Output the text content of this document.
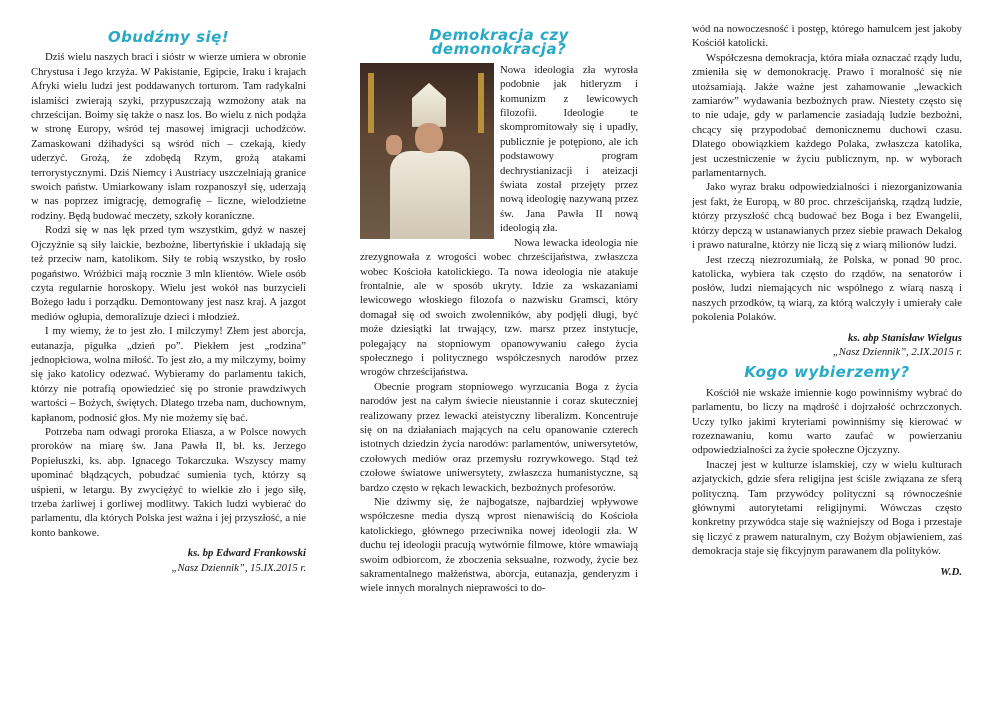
Obudźmy się!

Dziś wielu naszych braci i sióstr w wierze umiera w obronie Chrystusa i Jego krzyża. W Pakistanie, Egipcie, Iraku i krajach Afryki wielu ludzi jest poddawanych torturom. Tam radykalni islamiści zwierają szyki, przypuszczają wzmożony atak na chrześcijan. Boimy się także o nasz los. Bo wielu z nich podąża w stronę Europy, wśród tej masowej imigracji uchodźców. Zamaskowani dżihadyści są wśród nich – czekają, kiedy uderzyć. Grożą, że zdobędą Rzym, grożą atakami terrorystycznymi. Dziś Niemcy i Austriacy uszczelniają granice swoich państw. Umiarkowany islam rozpanoszył się, uderzają w nas poprzez imigrację, demografię – liczne, wielodzietne rodziny. Będą budować meczety, szkoły koraniczne.

Rodzi się w nas lęk przed tym wszystkim, gdyż w naszej Ojczyźnie są siły laickie, bezbożne, libertyńskie i układają się też przeciw nam, katolikom. Siły te robią wszystko, by rosło pogaństwo. Wróżbici mają rocznie 3 mln klientów. Wiele osób czyta regularnie horoskopy. Wielu jest wokół nas burzycieli Bożego ładu i porządku. Demontowany jest nasz kraj. A jazgot mediów ogłupia, demoralizuje dzieci i młodzież.

I my wiemy, że to jest zło. I milczymy! Złem jest aborcja, eutanazja, pigułka „dzień po”. Piekłem jest „rodzina” jednopłciowa, wolna miłość. To jest zło, a my milczymy, boimy się jako katolicy odezwać. Wybieramy do parlamentu takich, którzy nie potrafią opowiedzieć się po stronie prawdziwych wartości – Bożych, świętych. Dlatego trzeba nam, duchownym, kapłanom, podnosić głos. My nie możemy się bać.

Potrzeba nam odwagi proroka Eliasza, a w Polsce nowych proroków na miarę św. Jana Pawła II, bł. ks. Jerzego Popiełuszki, ks. abp. Ignacego Tokarczuka. Wszyscy mamy upominać błądzących, pobudzać sumienia tych, którzy są uśpieni, w letargu. By zwyciężyć to wielkie zło i jego siłę, trzeba żarliwej i gorliwej modlitwy. Takich ludzi wybierać do parlamentu, dla których Polska jest ważna i jej przyszłość, a nie konto bankowe.

ks. bp Edward Frankowski
„Nasz Dziennik”, 15.IX.2015 r.
Demokracja czy demonokracja?

Nowa ideologia zła wyrosła podobnie jak hitleryzm i komunizm z lewicowych filozofii. Ideologie te skompromitowały się i upadły, publicznie je potępiono, ale ich podstawowy program dechrystianizacji i ateizacji świata został przejęty przez nową ideologię nazywaną przez św. Jana Pawła II nową ideologią zła.

Nowa lewacka ideologia nie zrezygnowała z wrogości wobec chrześcijaństwa, zwłaszcza wobec Kościoła katolickiego. Ta nowa ideologia nie atakuje frontalnie, ale w sposób ukryty. Idzie za wskazaniami lewicowego włoskiego filozofa o nazwisku Gramsci, który domagał się od swoich zwolenników, aby podjęli długi, być może dziesiątki lat trwający, tzw. marsz przez instytucje, polegający na stopniowym opanowywaniu całego życia społecznego i politycznego współczesnych narodów przez wrogów chrześcijaństwa.

Obecnie program stopniowego wyrzucania Boga z życia narodów jest na całym świecie nieustannie i coraz skuteczniej realizowany przez lewacki ateistyczny liberalizm. Koncentruje się on na działaniach mających na celu opanowanie czterech istotnych dziedzin życia narodów: parlamentów, uniwersytetów, czołowych mediów oraz przemysłu rozrywkowego. Stąd też czołowe światowe uniwersytety, zwłaszcza humanistyczne, są bardzo często w rękach lewackich, bezbożnych profesorów.

Nie dziwmy się, że najbogatsze, najbardziej wpływowe współczesne media dyszą wprost nienawiścią do Kościoła katolickiego, głównego przeciwnika nowej ideologii zła. W duchu tej ideologii pracują wytwórnie filmowe, które wmawiają swoim odbiorcom, że zboczenia seksualne, rozwody, życie bez sakramentalnego małżeństwa, aborcja, eutanazja, genderyzm i wiele innych moralnych nieprawości to do-

wód na nowoczesność i postęp, którego hamulcem jest jakoby Kościół katolicki.

Współczesna demokracja, która miała oznaczać rządy ludu, zmieniła się w demonokrację. Prawo i moralność się nie utożsamiają. Jakże ważne jest zahamowanie „lewackich zamiarów” wydawania bezbożnych praw. Niestety często się to nie udaje, gdy w parlamencie zasiadają ludzie bezbożni, chcący się przypodobać demonicznemu duchowi czasu. Dlatego obowiązkiem każdego Polaka, zwłaszcza katolika, jest uczestniczenie w życiu publicznym, np. w wyborach parlamentarnych.

Jako wyraz braku odpowiedzialności i niezorganizowania jest fakt, że Europą, w 80 proc. chrześcijańską, rządzą ludzie, którzy przyszłość chcą budować bez Boga i bez Ewangelii, którzy depczą w ustanawianych przez siebie prawach Dekalog i prawo naturalne, którzy nie liczą się z wiarą milionów ludzi.

Jest rzeczą niezrozumiałą, że Polska, w ponad 90 proc. katolicka, wybiera tak często do rządów, na senatorów i posłów, ludzi niemających nic wspólnego z wiarą naszą i naszych przodków, tą wiarą, za którą walczyły i umierały całe pokolenia Polaków.

ks. abp Stanisław Wielgus
„Nasz Dziennik”, 2.IX.2015 r.
Kogo wybierzemy?

Kościół nie wskaże imiennie kogo powinniśmy wybrać do parlamentu, bo liczy na mądrość i dojrzałość ochrzczonych. Uczy tylko jakimi kryteriami powinniśmy się kierować w rozeznawaniu, komu warto zaufać w powierzaniu odpowiedzialności za życie społeczne Ojczyzny.

Inaczej jest w kulturze islamskiej, czy w wielu kulturach azjatyckich, gdzie sfera religijna jest ściśle związana ze sferą polityczną. Tam przywódcy polityczni są równocześnie głównymi autorytetami religijnymi. Wówczas często konkretny przywódca staje się ważniejszy od Boga i przestaje się liczyć z prawem naturalnym, czy Bożym objawieniem, zaś demokracja staje się fikcyjnym parawanem dla polityków.

W.D.
